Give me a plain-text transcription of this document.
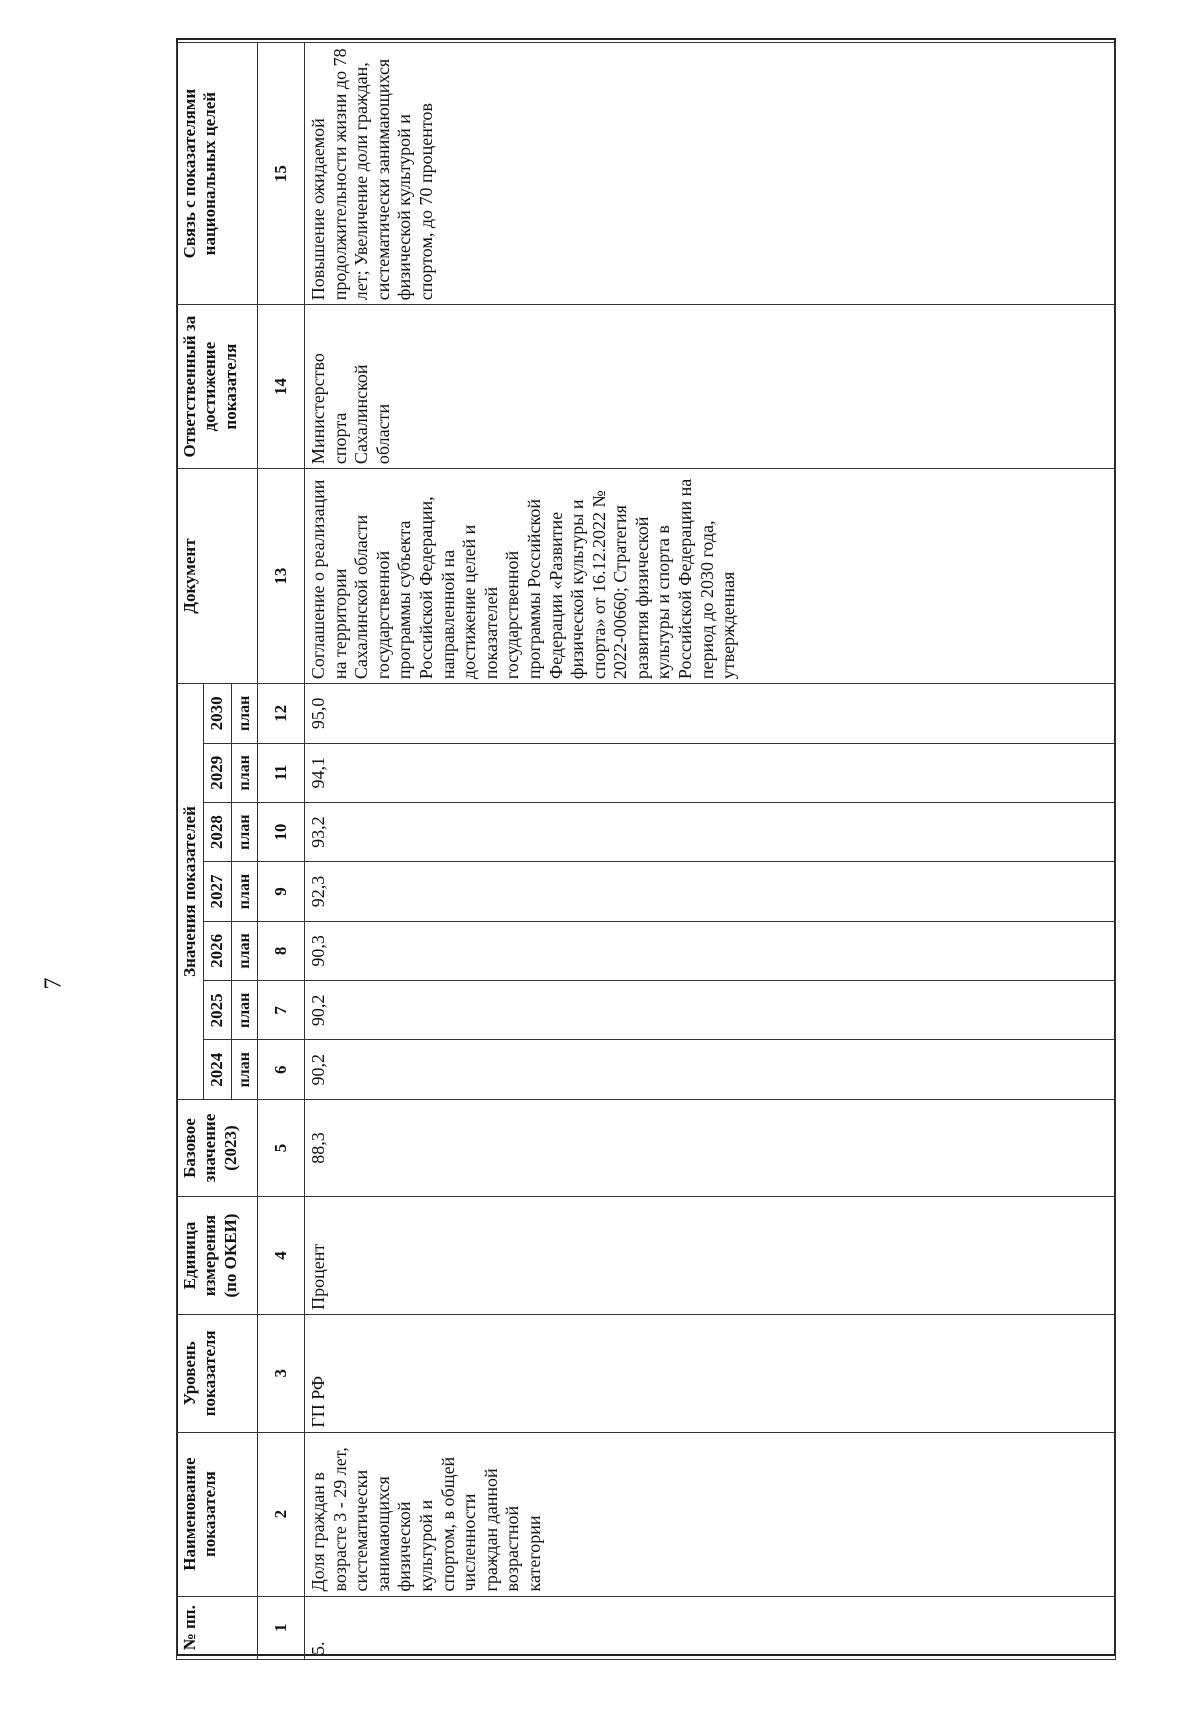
7
№ пп.	Наименование показателя	Уровень показателя	Единица измерения (по ОКЕИ)	Базовое значение (2023)	Значения показателей							Документ	Ответственный за достижение показателя	Связь с показателями национальных целей
					2024	2025	2026	2027	2028	2029	2030			
					план	план	план	план	план	план	план			
1	2	3	4	5	6	7	8	9	10	11	12	13	14	15
5.	Доля граждан в возрасте 3 - 29 лет, систематически занимающихся физической культурой и спортом, в общей численности граждан данной возрастной категории	ГП РФ	Процент	88,3	90,2	90,2	90,3	92,3	93,2	94,1	95,0	Соглашение о реализации на территории Сахалинской области государственной программы субъекта Российской Федерации, направленной на достижение целей и показателей государственной программы Российской Федерации «Развитие физической культуры и спорта» от 16.12.2022 № 2022-00660; Стратегия развития физической культуры и спорта в Российской Федерации на период до 2030 года, утвержденная	Министерство спорта Сахалинской области	Повышение ожидаемой продолжительности жизни до 78 лет; Увеличение доли граждан, систематически занимающихся физической культурой и спортом, до 70 процентов
